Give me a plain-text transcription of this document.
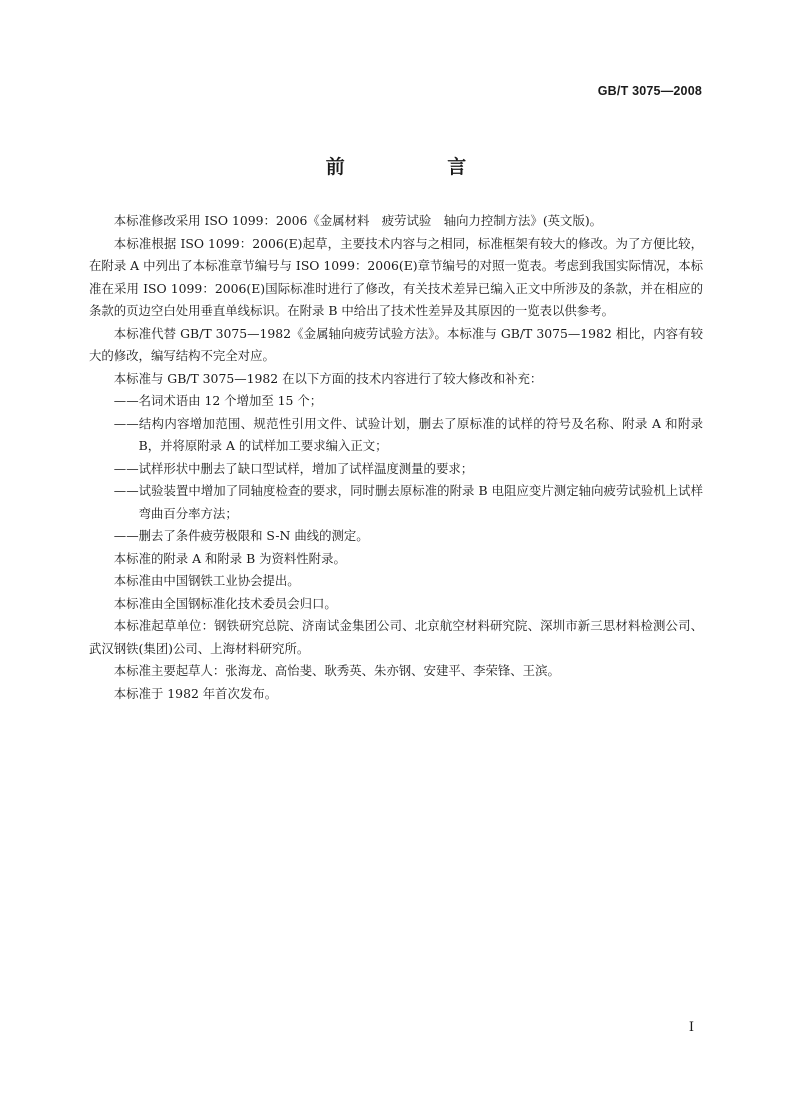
GB/T 3075—2008
前 言

本标准修改采用 ISO 1099：2006《金属材料　疲劳试验　轴向力控制方法》(英文版)。

本标准根据 ISO 1099：2006(E)起草，主要技术内容与之相同，标准框架有较大的修改。为了方便比较，在附录 A 中列出了本标准章节编号与 ISO 1099：2006(E)章节编号的对照一览表。考虑到我国实际情况，本标准在采用 ISO 1099：2006(E)国际标准时进行了修改，有关技术差异已编入正文中所涉及的条款，并在相应的条款的页边空白处用垂直单线标识。在附录 B 中给出了技术性差异及其原因的一览表以供参考。

本标准代替 GB/T 3075—1982《金属轴向疲劳试验方法》。本标准与 GB/T 3075—1982 相比，内容有较大的修改，编写结构不完全对应。

本标准与 GB/T 3075—1982 在以下方面的技术内容进行了较大修改和补充：

——名词术语由 12 个增加至 15 个；

——结构内容增加范围、规范性引用文件、试验计划，删去了原标准的试样的符号及名称、附录 A 和附录 B，并将原附录 A 的试样加工要求编入正文；

——试样形状中删去了缺口型试样，增加了试样温度测量的要求；

——试验装置中增加了同轴度检查的要求，同时删去原标准的附录 B 电阻应变片测定轴向疲劳试验机上试样弯曲百分率方法；

——删去了条件疲劳极限和 S-N 曲线的测定。

本标准的附录 A 和附录 B 为资料性附录。

本标准由中国钢铁工业协会提出。

本标准由全国钢标准化技术委员会归口。

本标准起草单位：钢铁研究总院、济南试金集团公司、北京航空材料研究院、深圳市新三思材料检测公司、武汉钢铁(集团)公司、上海材料研究所。

本标准主要起草人：张海龙、高怡斐、耿秀英、朱亦钢、安建平、李荣锋、王滨。

本标准于 1982 年首次发布。

I
